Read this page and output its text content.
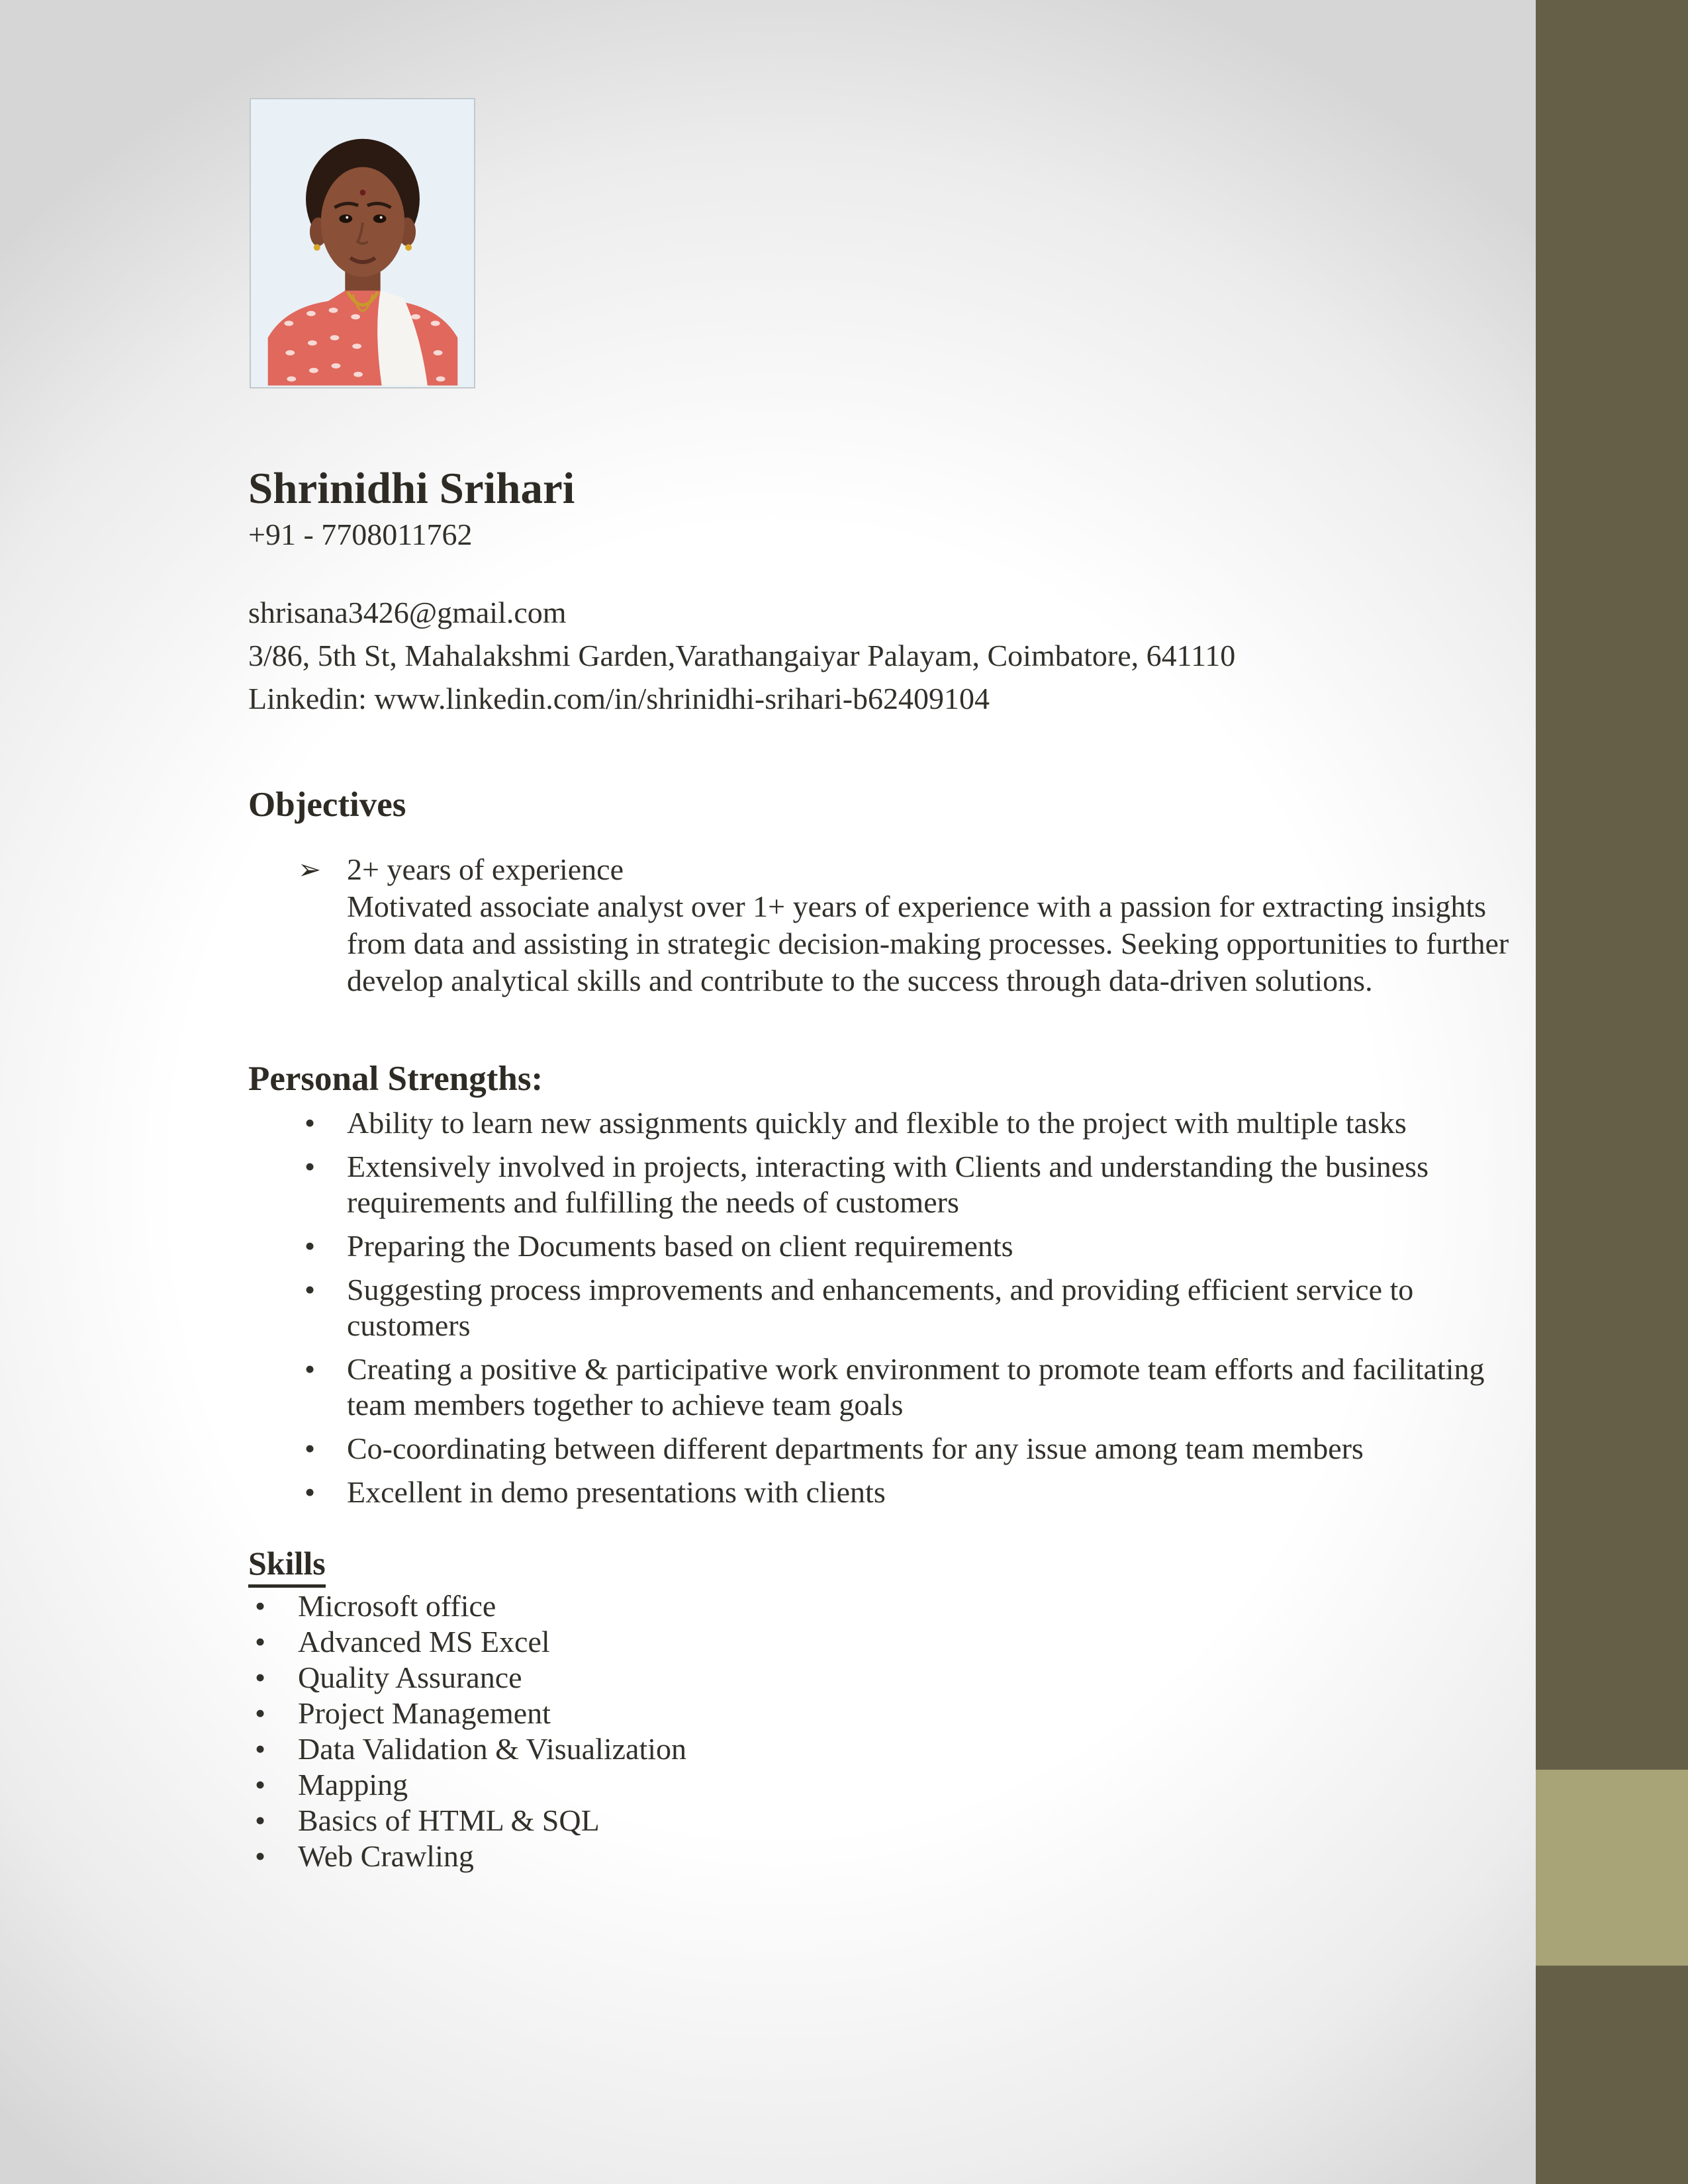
Shrinidhi Srihari
+91 - 7708011762
shrisana3426@gmail.com
3/86, 5th St, Mahalakshmi Garden,Varathangaiyar Palayam, Coimbatore, 641110
Linkedin: www.linkedin.com/in/shrinidhi-srihari-b62409104
Objectives
➢ 2+ years of experience
Motivated associate analyst over 1+ years of experience with a passion for extracting insights from data and assisting in strategic decision-making processes. Seeking opportunities to further develop analytical skills and contribute to the success through data-driven solutions.
Personal Strengths:
•	Ability to learn new assignments quickly and flexible to the project with multiple tasks
•	Extensively involved in projects, interacting with Clients and understanding the business requirements and fulfilling the needs of customers
•	Preparing the Documents based on client requirements
•	Suggesting process improvements and enhancements, and providing efficient service to customers
•	Creating a positive & participative work environment to promote team efforts and facilitating team members together to achieve team goals
•	Co-coordinating between different departments for any issue among team members
•	Excellent in demo presentations with clients
Skills
•	Microsoft office
•	Advanced MS Excel
•	Quality Assurance
•	Project Management
•	Data Validation & Visualization
•	Mapping
•	Basics of HTML & SQL
•	Web Crawling
